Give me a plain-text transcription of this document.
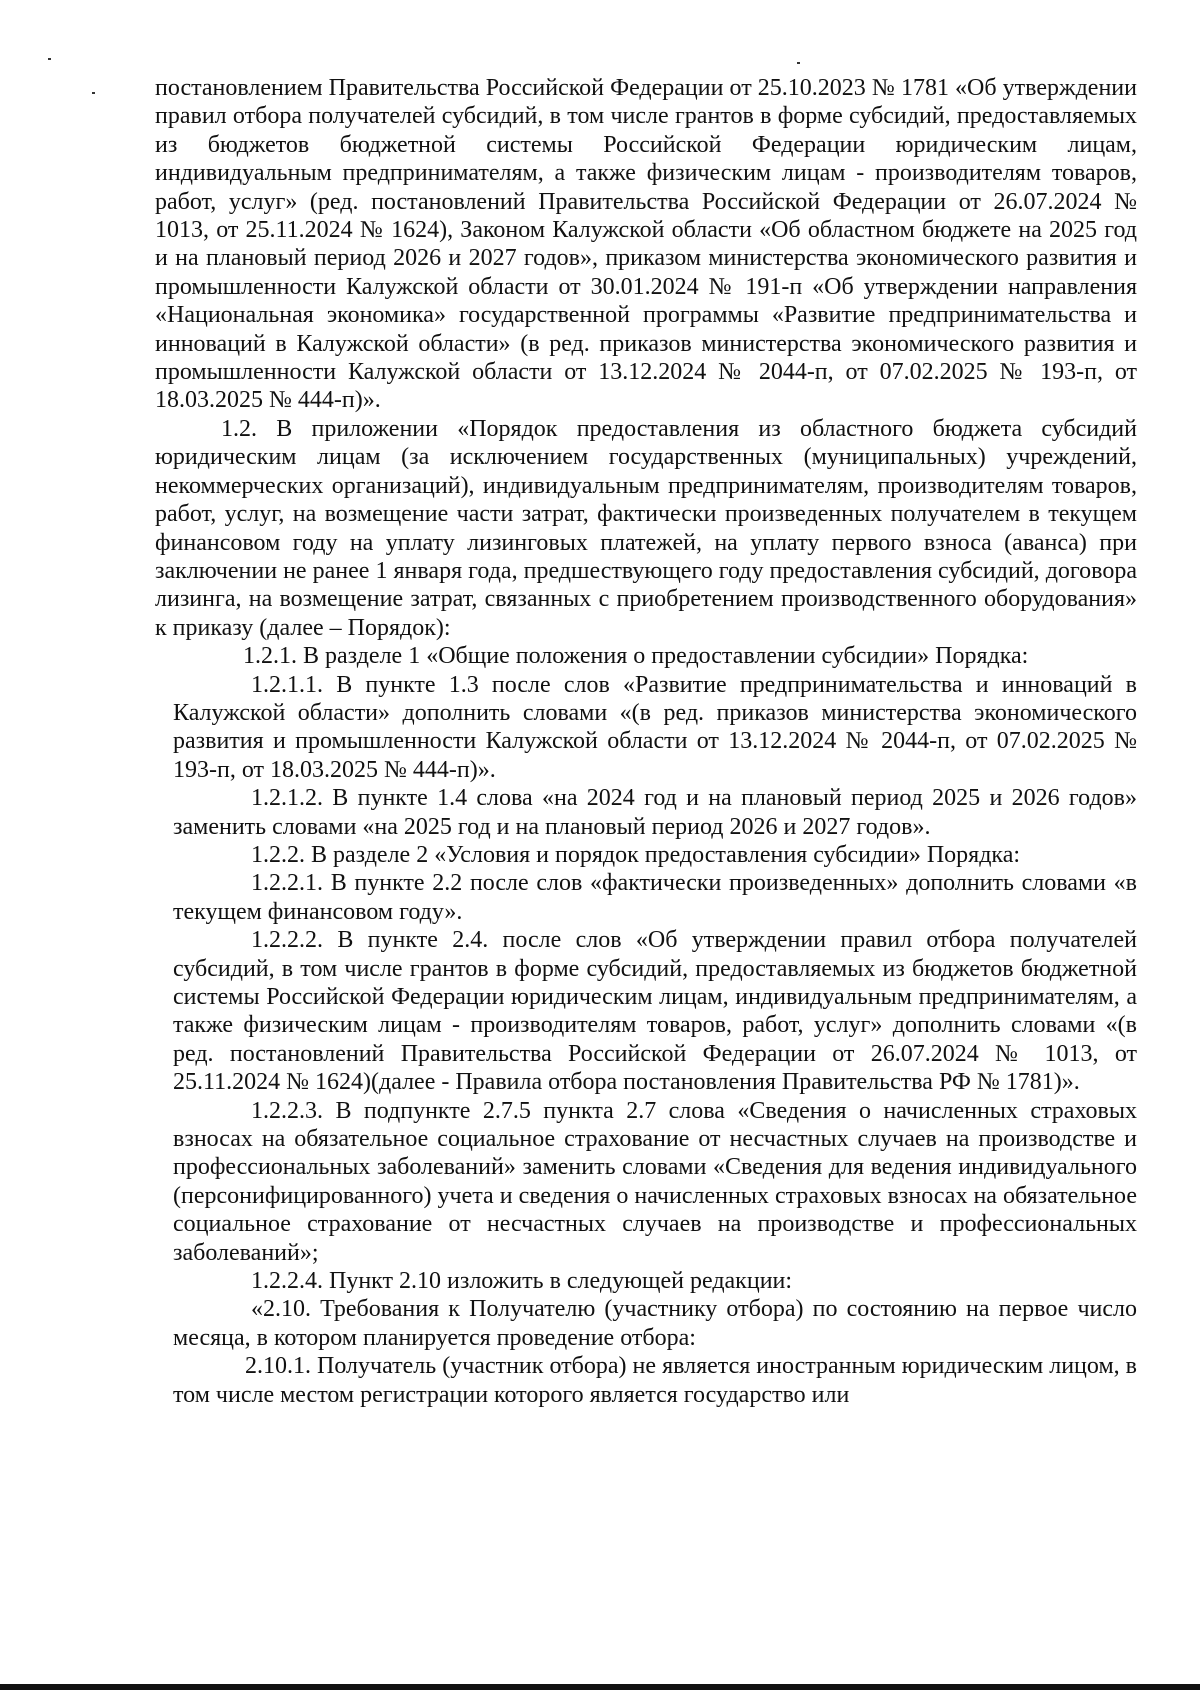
постановлением Правительства Российской Федерации от 25.10.2023 № 1781 «Об утверждении правил отбора получателей субсидий, в том числе грантов в форме субсидий, предоставляемых из бюджетов бюджетной системы Российской Федерации юридическим лицам, индивидуальным предпринимателям, а также физическим лицам - производителям товаров, работ, услуг» (ред. постановлений Правительства Российской Федерации от 26.07.2024 № 1013, от 25.11.2024 № 1624), Законом Калужской области «Об областном бюджете на 2025 год и на плановый период 2026 и 2027 годов», приказом министерства экономического развития и промышленности Калужской области от 30.01.2024 № 191-п «Об утверждении направления «Национальная экономика» государственной программы «Развитие предпринимательства и инноваций в Калужской области» (в ред. приказов министерства экономического развития и промышленности Калужской области от 13.12.2024 № 2044-п, от 07.02.2025 № 193-п, от 18.03.2025 № 444-п)».

1.2. В приложении «Порядок предоставления из областного бюджета субсидий юридическим лицам (за исключением государственных (муниципальных) учреждений, некоммерческих организаций), индивидуальным предпринимателям, производителям товаров, работ, услуг, на возмещение части затрат, фактически произведенных получателем в текущем финансовом году на уплату лизинговых платежей, на уплату первого взноса (аванса) при заключении не ранее 1 января года, предшествующего году предоставления субсидий, договора лизинга, на возмещение затрат, связанных с приобретением производственного оборудования» к приказу (далее – Порядок):

1.2.1. В разделе 1 «Общие положения о предоставлении субсидии» Порядка:

1.2.1.1. В пункте 1.3 после слов «Развитие предпринимательства и инноваций в Калужской области» дополнить словами «(в ред. приказов министерства экономического развития и промышленности Калужской области от 13.12.2024 № 2044-п, от 07.02.2025 № 193-п, от 18.03.2025 № 444-п)».

1.2.1.2. В пункте 1.4 слова «на 2024 год и на плановый период 2025 и 2026 годов» заменить словами «на 2025 год и на плановый период 2026 и 2027 годов».

1.2.2. В разделе 2 «Условия и порядок предоставления субсидии» Порядка:

1.2.2.1. В пункте 2.2 после слов «фактически произведенных» дополнить словами «в текущем финансовом году».

1.2.2.2. В пункте 2.4. после слов «Об утверждении правил отбора получателей субсидий, в том числе грантов в форме субсидий, предоставляемых из бюджетов бюджетной системы Российской Федерации юридическим лицам, индивидуальным предпринимателям, а также физическим лицам - производителям товаров, работ, услуг» дополнить словами «(в ред. постановлений Правительства Российской Федерации от 26.07.2024 № 1013, от 25.11.2024 № 1624)(далее - Правила отбора постановления Правительства РФ № 1781)».

1.2.2.3. В подпункте 2.7.5 пункта 2.7 слова «Сведения о начисленных страховых взносах на обязательное социальное страхование от несчастных случаев на производстве и профессиональных заболеваний» заменить словами «Сведения для ведения индивидуального (персонифицированного) учета и сведения о начисленных страховых взносах на обязательное социальное страхование от несчастных случаев на производстве и профессиональных заболеваний»;

1.2.2.4. Пункт 2.10 изложить в следующей редакции:

«2.10. Требования к Получателю (участнику отбора) по состоянию на первое число месяца, в котором планируется проведение отбора:

2.10.1. Получатель (участник отбора) не является иностранным юридическим лицом, в том числе местом регистрации которого является государство или
